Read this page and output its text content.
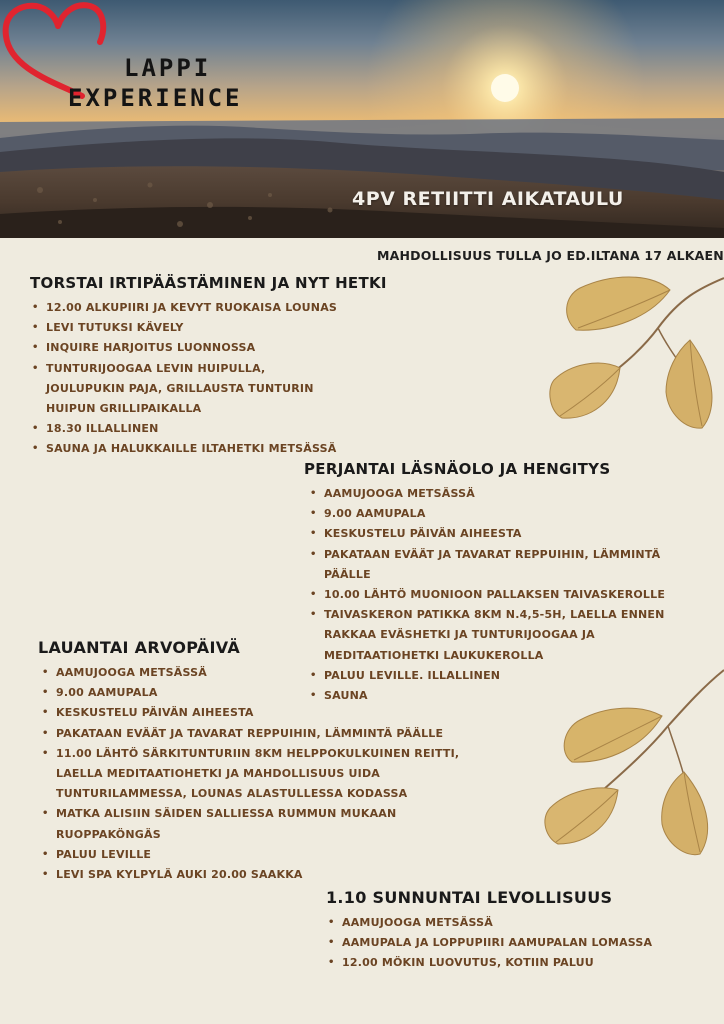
LAPPI
EXPERIENCE
4PV RETIITTI AIKATAULU
MAHDOLLISUUS TULLA JO ED.ILTANA 17 ALKAEN
TORSTAI IRTIPÄÄSTÄMINEN JA NYT HETKI
• 12.00 ALKUPIIRI JA KEVYT RUOKAISA LOUNAS
• LEVI TUTUKSI KÄVELY
• INQUIRE HARJOITUS LUONNOSSA
• TUNTURIJOOGAA LEVIN HUIPULLA, JOULUPUKIN PAJA, GRILLAUSTA TUNTURIN HUIPUN GRILLIPAIKALLA
• 18.30 ILLALLINEN
• SAUNA JA HALUKKAILLE ILTAHETKI METSÄSSÄ
PERJANTAI LÄSNÄOLO JA HENGITYS
• AAMUJOOGA METSÄSSÄ
• 9.00 AAMUPALA
• KESKUSTELU PÄIVÄN AIHEESTA
• PAKATAAN EVÄÄT JA TAVARAT REPPUIHIN, LÄMMINTÄ PÄÄLLE
• 10.00 LÄHTÖ MUONIOON PALLAKSEN TAIVASKEROLLE
• TAIVASKERON PATIKKA 8KM N.4,5-5H, LAELLA ENNEN RAKKAA EVÄSHETKI JA TUNTURIJOOGAA JA MEDITAATIOHETKI LAUKUKEROLLA
• PALUU LEVILLE. ILLALLINEN
• SAUNA
LAUANTAI ARVOPÄIVÄ
• AAMUJOOGA METSÄSSÄ
• 9.00 AAMUPALA
• KESKUSTELU PÄIVÄN AIHEESTA
• PAKATAAN EVÄÄT JA TAVARAT REPPUIHIN, LÄMMINTÄ PÄÄLLE
• 11.00 LÄHTÖ SÄRKITUNTURIIN 8KM HELPPOKULKUINEN REITTI, LAELLA MEDITAATIOHETKI JA MAHDOLLISUUS UIDA TUNTURILAMMESSA, LOUNAS ALASTULLESSA KODASSA
• MATKA ALISIIN SÄIDEN SALLIESSA RUMMUN MUKAAN RUOPPAKÖNGÄS
• PALUU LEVILLE
• LEVI SPA KYLPYLÄ AUKI 20.00 SAAKKA
1.10 SUNNUNTAI LEVOLLISUUS
• AAMUJOOGA METSÄSSÄ
• AAMUPALA JA LOPPUPIIRI AAMUPALAN LOMASSA
• 12.00 MÖKIN LUOVUTUS, KOTIIN PALUU
